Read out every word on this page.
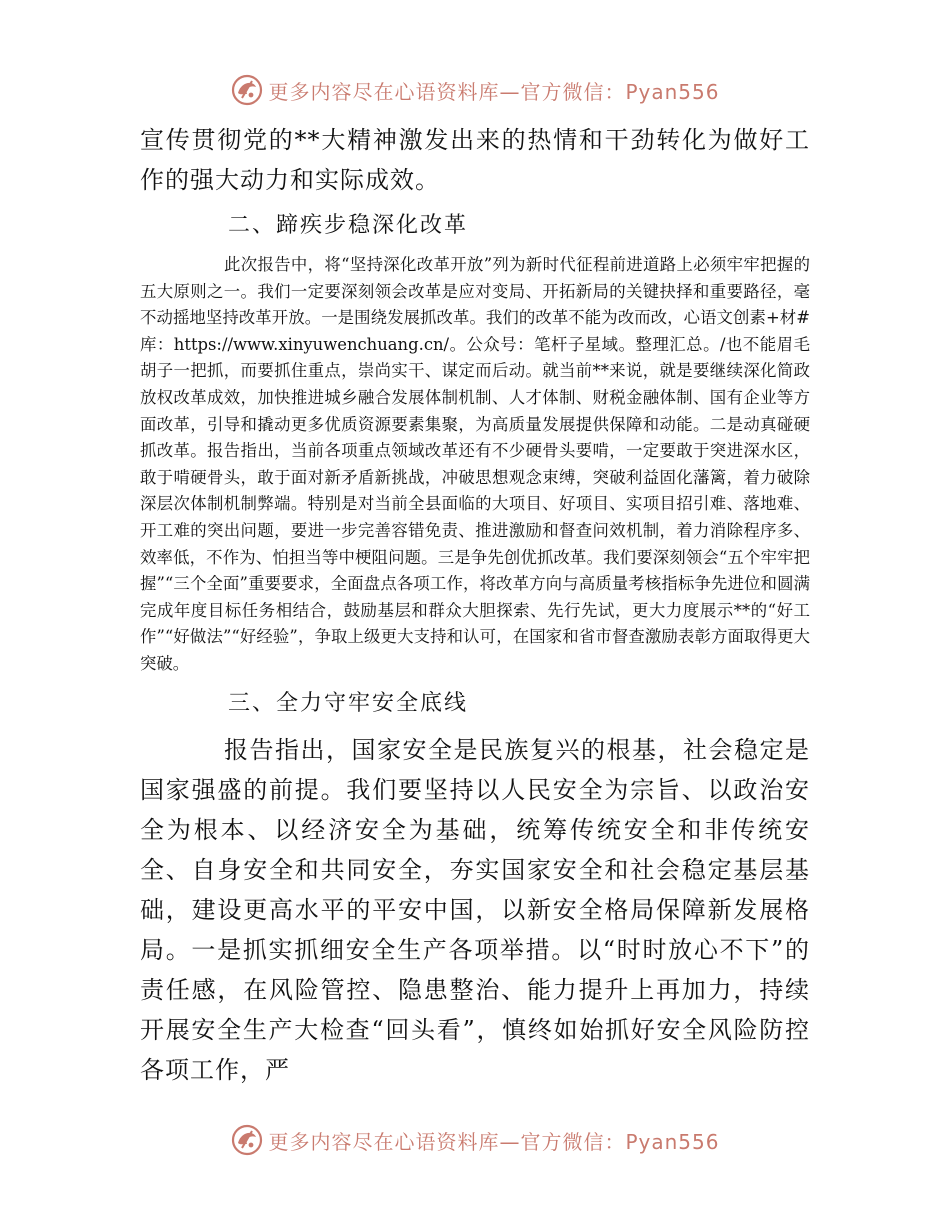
更多内容尽在心语资料库—官方微信：Pyan556

宣传贯彻党的**大精神激发出来的热情和干劲转化为做好工作的强大动力和实际成效。

二、蹄疾步稳深化改革

此次报告中，将“坚持深化改革开放”列为新时代征程前进道路上必须牢牢把握的五大原则之一。我们一定要深刻领会改革是应对变局、开拓新局的关键抉择和重要路径，毫不动摇地坚持改革开放。一是围绕发展抓改革。我们的改革不能为改而改，心语文创素+材#库：https://www.xinyuwenchuang.cn/。公众号：笔杆子星域。整理汇总。/也不能眉毛胡子一把抓，而要抓住重点，崇尚实干、谋定而后动。就当前**来说，就是要继续深化简政放权改革成效，加快推进城乡融合发展体制机制、人才体制、财税金融体制、国有企业等方面改革，引导和撬动更多优质资源要素集聚，为高质量发展提供保障和动能。二是动真碰硬抓改革。报告指出，当前各项重点领域改革还有不少硬骨头要啃，一定要敢于突进深水区，敢于啃硬骨头，敢于面对新矛盾新挑战，冲破思想观念束缚，突破利益固化藩篱，着力破除深层次体制机制弊端。特别是对当前全县面临的大项目、好项目、实项目招引难、落地难、开工难的突出问题，要进一步完善容错免责、推进激励和督查问效机制，着力消除程序多、效率低，不作为、怕担当等中梗阻问题。三是争先创优抓改革。我们要深刻领会“五个牢牢把握”“三个全面”重要要求，全面盘点各项工作，将改革方向与高质量考核指标争先进位和圆满完成年度目标任务相结合，鼓励基层和群众大胆探索、先行先试，更大力度展示**的“好工作”“好做法”“好经验”，争取上级更大支持和认可，在国家和省市督查激励表彰方面取得更大突破。

三、全力守牢安全底线

报告指出，国家安全是民族复兴的根基，社会稳定是国家强盛的前提。我们要坚持以人民安全为宗旨、以政治安全为根本、以经济安全为基础，统筹传统安全和非传统安全、自身安全和共同安全，夯实国家安全和社会稳定基层基础，建设更高水平的平安中国，以新安全格局保障新发展格局。一是抓实抓细安全生产各项举措。以“时时放心不下”的责任感，在风险管控、隐患整治、能力提升上再加力，持续开展安全生产大检查“回头看”，慎终如始抓好安全风险防控各项工作，严

更多内容尽在心语资料库—官方微信：Pyan556
